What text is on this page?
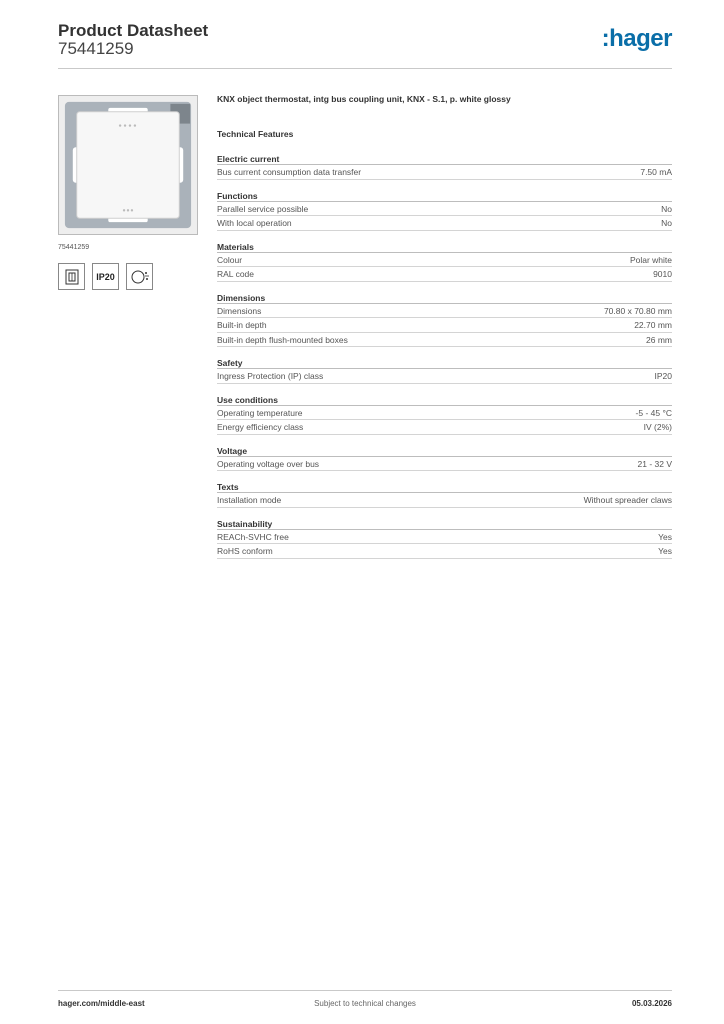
Product Datasheet
75441259	:hager
75441259
IP20
KNX object thermostat, intg bus coupling unit, KNX - S.1, p. white glossy
Technical Features
Electric current
Bus current consumption data transfer	7.50 mA
Functions
Parallel service possible	No
With local operation	No
Materials
Colour	Polar white
RAL code	9010
Dimensions
Dimensions	70.80 x 70.80 mm
Built-in depth	22.70 mm
Built-in depth flush-mounted boxes	26 mm
Safety
Ingress Protection (IP) class	IP20
Use conditions
Operating temperature	-5 - 45 °C
Energy efficiency class	IV (2%)
Voltage
Operating voltage over bus	21 - 32 V
Texts
Installation mode	Without spreader claws
Sustainability
REACh-SVHC free	Yes
RoHS conform	Yes
Subject to technical changes
hager.com/middle-east	05.03.2026
